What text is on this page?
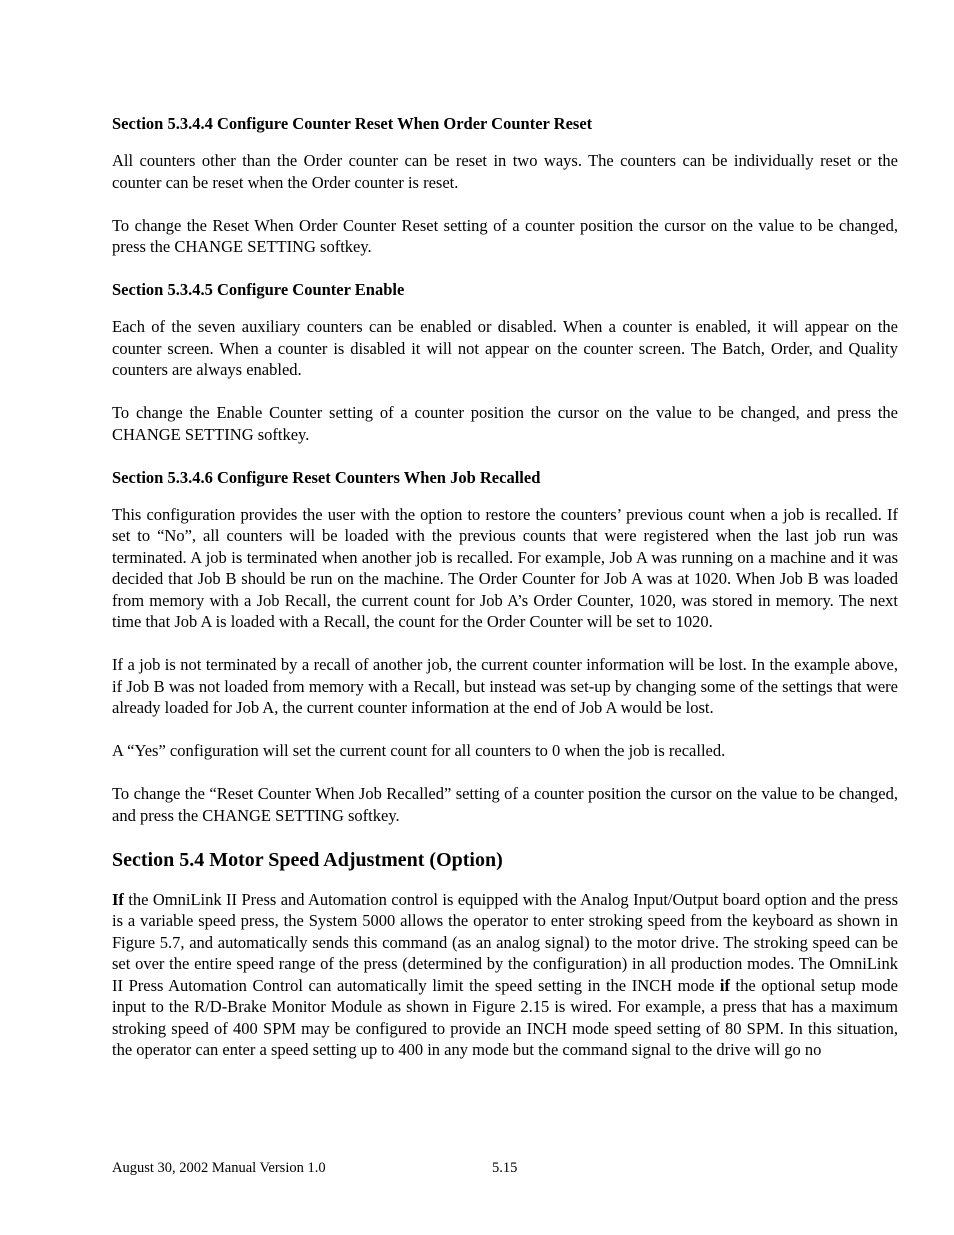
Section 5.3.4.4 Configure Counter Reset When Order Counter Reset

All counters other than the Order counter can be reset in two ways. The counters can be individually reset or the counter can be reset when the Order counter is reset.

To change the Reset When Order Counter Reset setting of a counter position the cursor on the value to be changed, press the CHANGE SETTING softkey.

Section 5.3.4.5 Configure Counter Enable

Each of the seven auxiliary counters can be enabled or disabled. When a counter is enabled, it will appear on the counter screen. When a counter is disabled it will not appear on the counter screen. The Batch, Order, and Quality counters are always enabled.

To change the Enable Counter setting of a counter position the cursor on the value to be changed, and press the CHANGE SETTING softkey.

Section 5.3.4.6 Configure Reset Counters When Job Recalled

This configuration provides the user with the option to restore the counters’ previous count when a job is recalled. If set to “No”, all counters will be loaded with the previous counts that were registered when the last job run was terminated. A job is terminated when another job is recalled. For example, Job A was running on a machine and it was decided that Job B should be run on the machine. The Order Counter for Job A was at 1020. When Job B was loaded from memory with a Job Recall, the current count for Job A’s Order Counter, 1020, was stored in memory. The next time that Job A is loaded with a Recall, the count for the Order Counter will be set to 1020.

If a job is not terminated by a recall of another job, the current counter information will be lost. In the example above, if Job B was not loaded from memory with a Recall, but instead was set-up by changing some of the settings that were already loaded for Job A, the current counter information at the end of Job A would be lost.

A “Yes” configuration will set the current count for all counters to 0 when the job is recalled.

To change the “Reset Counter When Job Recalled” setting of a counter position the cursor on the value to be changed, and press the CHANGE SETTING softkey.

Section 5.4 Motor Speed Adjustment (Option)

If the OmniLink II Press and Automation control is equipped with the Analog Input/Output board option and the press is a variable speed press, the System 5000 allows the operator to enter stroking speed from the keyboard as shown in Figure 5.7, and automatically sends this command (as an analog signal) to the motor drive. The stroking speed can be set over the entire speed range of the press (determined by the configuration) in all production modes. The OmniLink II Press Automation Control can automatically limit the speed setting in the INCH mode if the optional setup mode input to the R/D-Brake Monitor Module as shown in Figure 2.15 is wired. For example, a press that has a maximum stroking speed of 400 SPM may be configured to provide an INCH mode speed setting of 80 SPM. In this situation, the operator can enter a speed setting up to 400 in any mode but the command signal to the drive will go no

August 30, 2002 Manual Version 1.0	5.15
